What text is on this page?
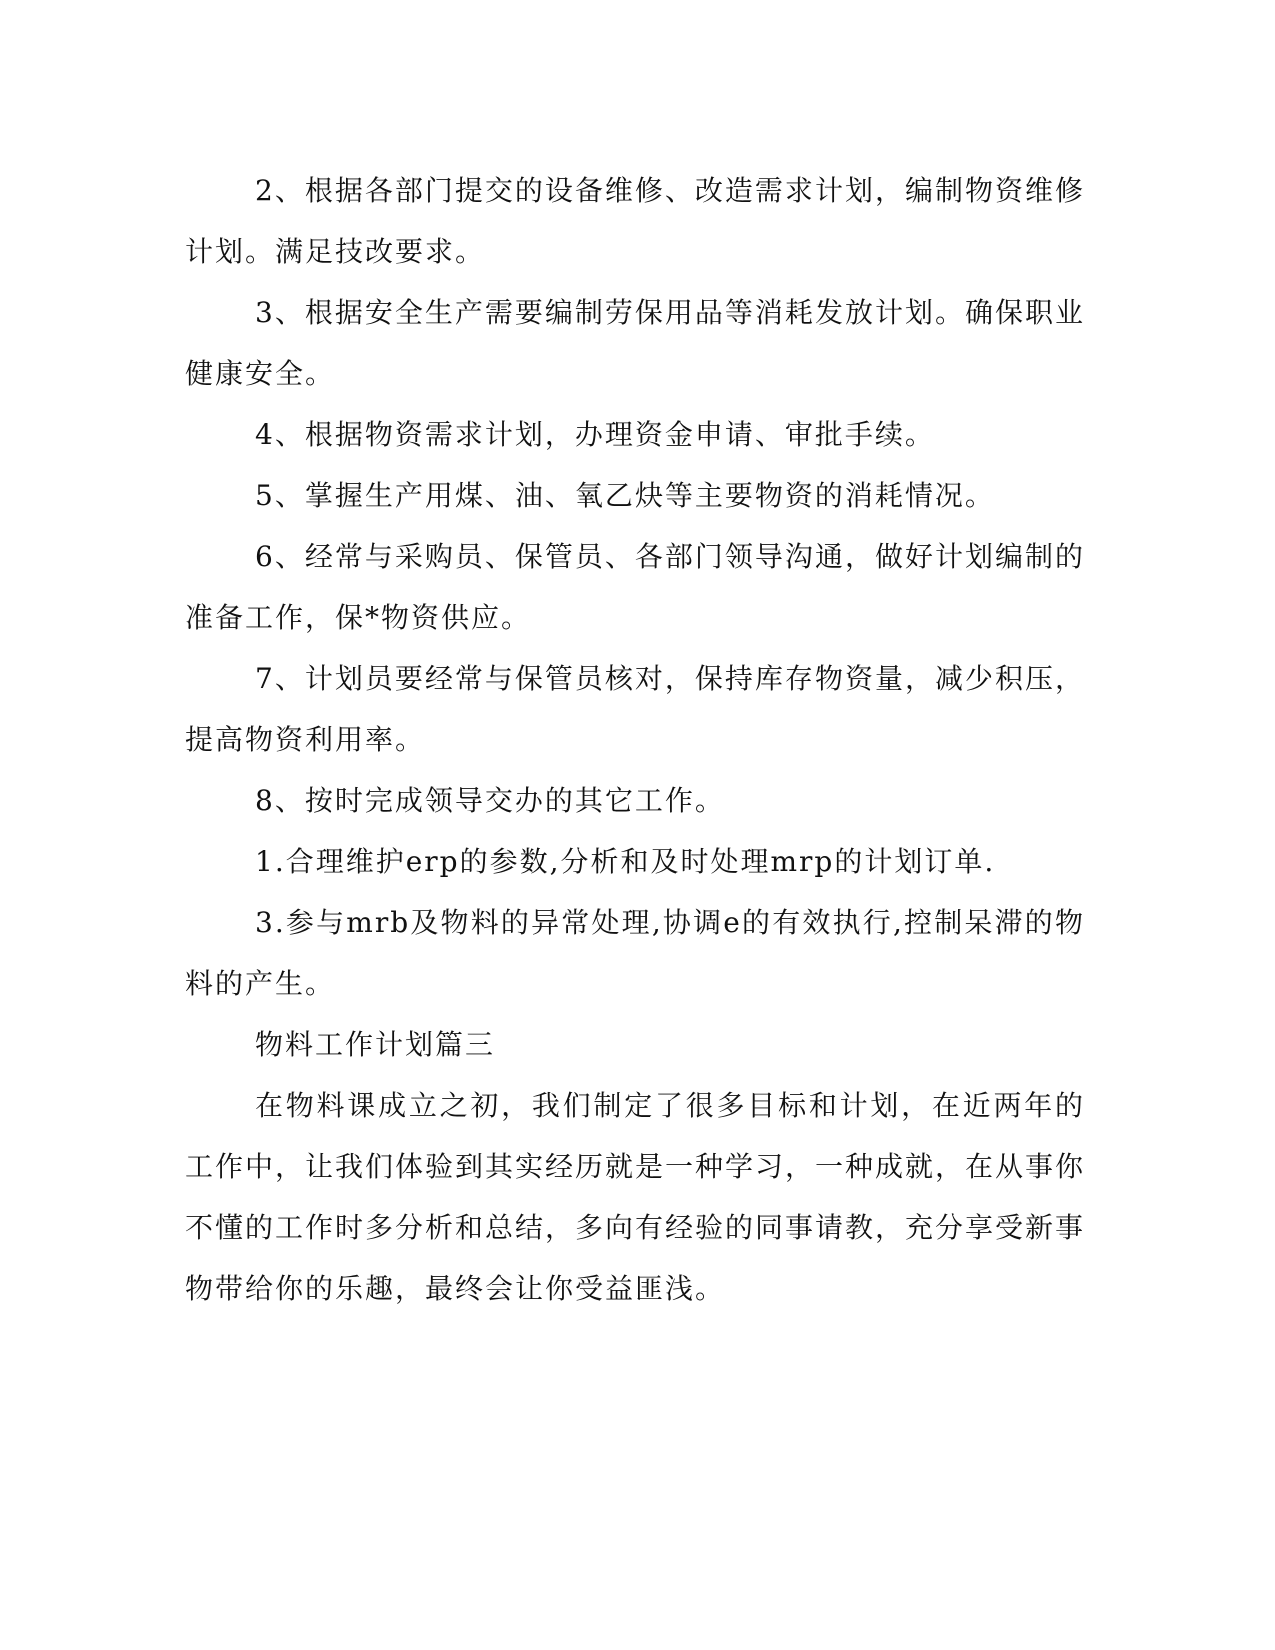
2、根据各部门提交的设备维修、改造需求计划，编制物资维修计划。满足技改要求。

3、根据安全生产需要编制劳保用品等消耗发放计划。确保职业健康安全。

4、根据物资需求计划，办理资金申请、审批手续。

5、掌握生产用煤、油、氧乙炔等主要物资的消耗情况。

6、经常与采购员、保管员、各部门领导沟通，做好计划编制的准备工作，保*物资供应。

7、计划员要经常与保管员核对，保持库存物资量，减少积压，提高物资利用率。

8、按时完成领导交办的其它工作。

1.合理维护erp的参数,分析和及时处理mrp的计划订单.

3.参与mrb及物料的异常处理,协调e的有效执行,控制呆滞的物料的产生。

物料工作计划篇三

在物料课成立之初，我们制定了很多目标和计划，在近两年的工作中，让我们体验到其实经历就是一种学习，一种成就，在从事你不懂的工作时多分析和总结，多向有经验的同事请教，充分享受新事物带给你的乐趣，最终会让你受益匪浅。
